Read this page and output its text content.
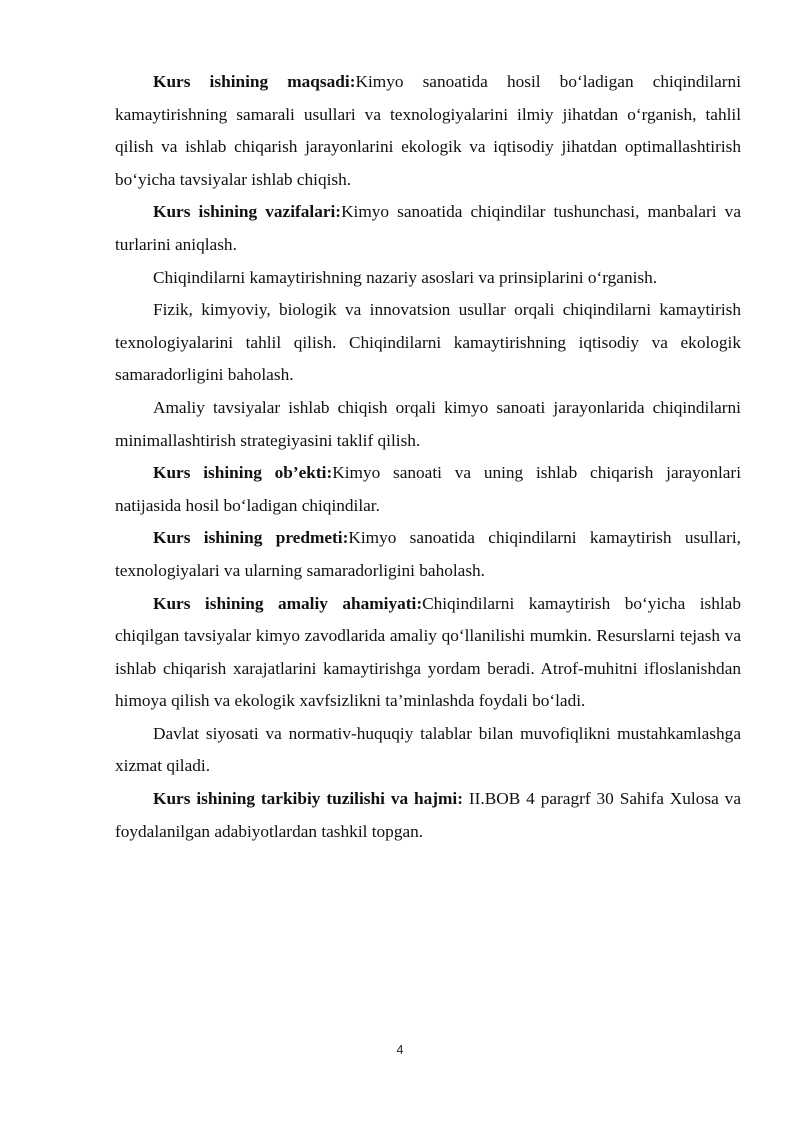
Kurs ishining maqsadi:Kimyo sanoatida hosil bo‘ladigan chiqindilarni kamaytirishning samarali usullari va texnologiyalarini ilmiy jihatdan o‘rganish, tahlil qilish va ishlab chiqarish jarayonlarini ekologik va iqtisodiy jihatdan optimallashtirish bo‘yicha tavsiyalar ishlab chiqish.

Kurs ishining vazifalari:Kimyo sanoatida chiqindilar tushunchasi, manbalari va turlarini aniqlash.

Chiqindilarni kamaytirishning nazariy asoslari va prinsiplarini o‘rganish.

Fizik, kimyoviy, biologik va innovatsion usullar orqali chiqindilarni kamaytirish texnologiyalarini tahlil qilish. Chiqindilarni kamaytirishning iqtisodiy va ekologik samaradorligini baholash.

Amaliy tavsiyalar ishlab chiqish orqali kimyo sanoati jarayonlarida chiqindilarni minimallashtirish strategiyasini taklif qilish.

Kurs ishining ob’ekti:Kimyo sanoati va uning ishlab chiqarish jarayonlari natijasida hosil bo‘ladigan chiqindilar.

Kurs ishining predmeti:Kimyo sanoatida chiqindilarni kamaytirish usullari, texnologiyalari va ularning samaradorligini baholash.

Kurs ishining amaliy ahamiyati:Chiqindilarni kamaytirish bo‘yicha ishlab chiqilgan tavsiyalar kimyo zavodlarida amaliy qo‘llanilishi mumkin. Resurslarni tejash va ishlab chiqarish xarajatlarini kamaytirishga yordam beradi. Atrof-muhitni ifloslanishdan himoya qilish va ekologik xavfsizlikni ta’minlashda foydali bo‘ladi.

Davlat siyosati va normativ-huquqiy talablar bilan muvofiqlikni mustahkamlashga xizmat qiladi.

Kurs ishining tarkibiy tuzilishi va hajmi: II.BOB 4 paragrf 30 Sahifa Xulosa va foydalanilgan adabiyotlardan tashkil topgan.

4
